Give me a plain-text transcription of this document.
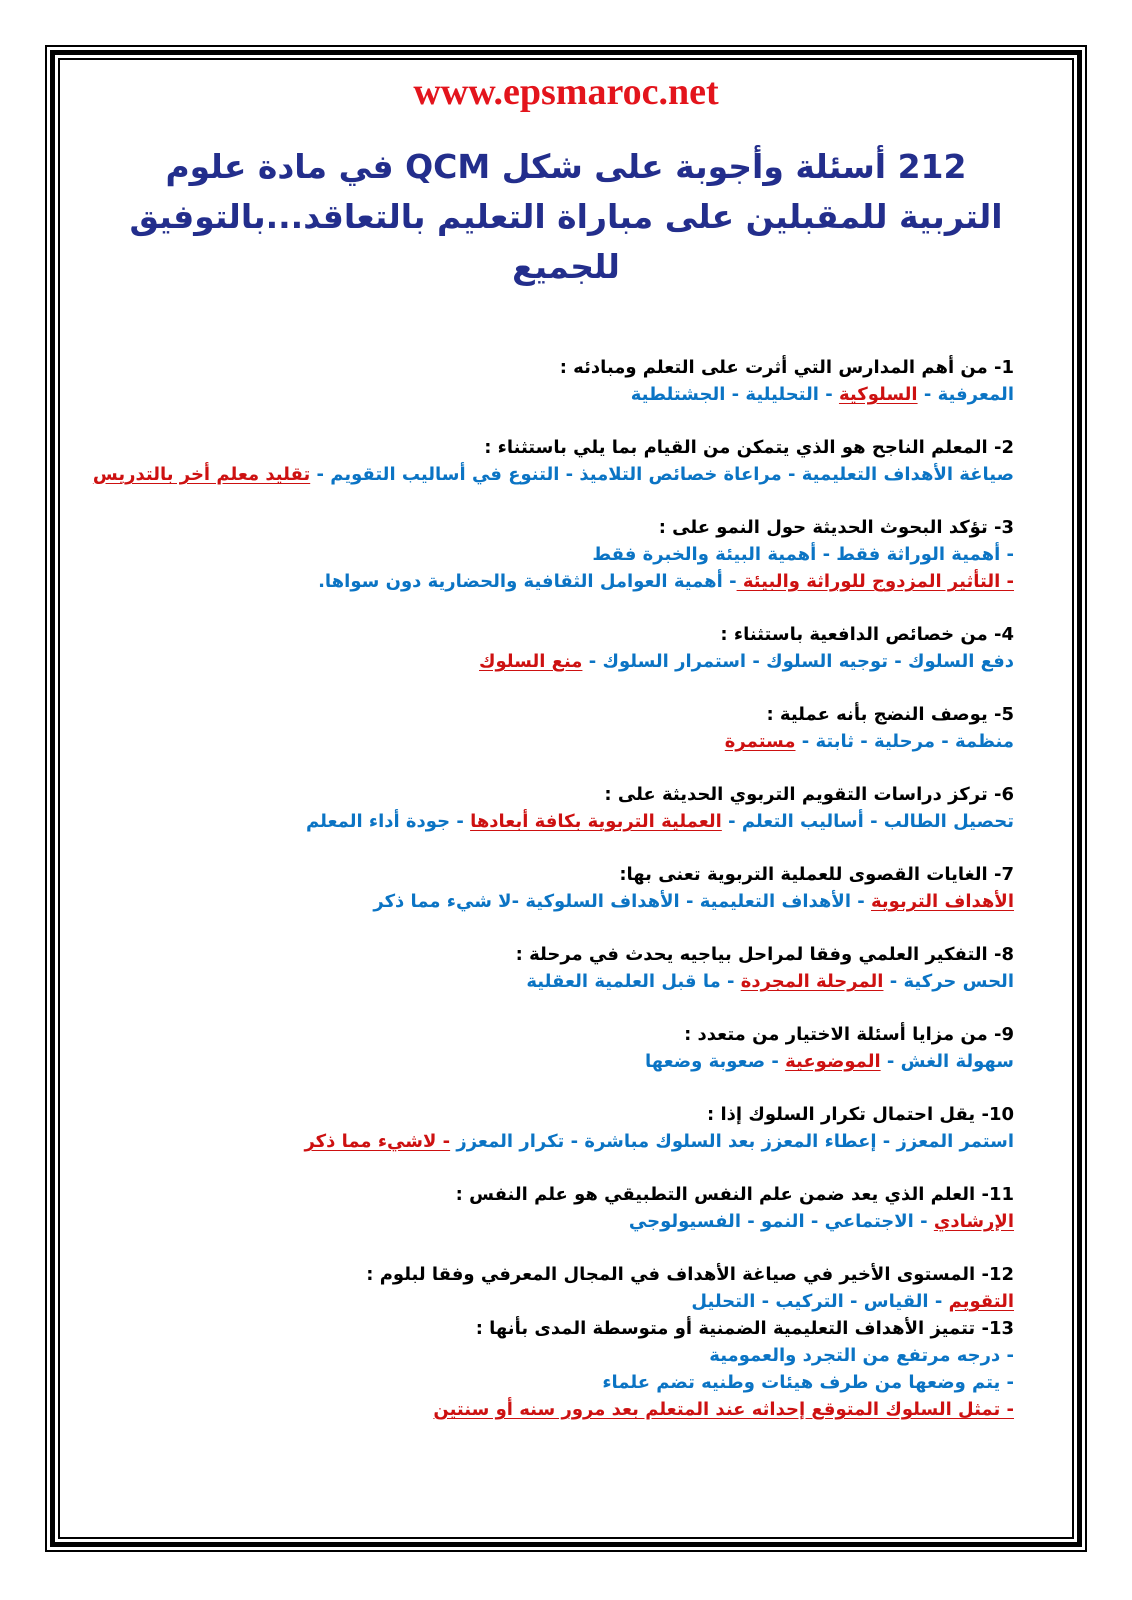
www.epsmaroc.net
212 أسئلة وأجوبة على شكل QCM في مادة علوم
التربية للمقبلين على مباراة التعليم بالتعاقد...بالتوفيق
للجميع
1- من أهم المدارس التي أثرت على التعلم ومبادئه :
المعرفية - السلوكية - التحليلية - الجشتلطية
2- المعلم الناجح هو الذي يتمكن من القيام بما يلي باستثناء :
صياغة الأهداف التعليمية - مراعاة خصائص التلاميذ - التنوع في أساليب التقويم - تقليد معلم أخر بالتدريس
3- تؤكد البحوث الحديثة حول النمو على :
- أهمية الوراثة فقط - أهمية البيئة والخبرة فقط
- التأثير المزدوج للوراثة والبيئة - أهمية العوامل الثقافية والحضارية دون سواها.
4- من خصائص الدافعية باستثناء :
دفع السلوك - توجيه السلوك - استمرار السلوك - منع السلوك
5- يوصف النضج بأنه عملية :
منظمة - مرحلية - ثابتة - مستمرة
6- تركز دراسات التقويم التربوي الحديثة على :
تحصيل الطالب - أساليب التعلم - العملية التربوية بكافة أبعادها - جودة أداء المعلم
7- الغايات القصوى للعملية التربوية تعنى بها:
الأهداف التربوية - الأهداف التعليمية - الأهداف السلوكية -لا شيء مما ذكر
8- التفكير العلمي وفقا لمراحل بياجيه يحدث في مرحلة :
الحس حركية - المرحلة المجردة - ما قبل العلمية العقلية
9- من مزايا أسئلة الاختيار من متعدد :
سهولة الغش - الموضوعية - صعوبة وضعها
10- يقل احتمال تكرار السلوك إذا :
استمر المعزز - إعطاء المعزز بعد السلوك مباشرة - تكرار المعزز - لاشيء مما ذكر
11- العلم الذي يعد ضمن علم النفس التطبيقي هو علم النفس :
الإرشادي - الاجتماعي - النمو - الفسيولوجي
12- المستوى الأخير في صياغة الأهداف في المجال المعرفي وفقا لبلوم :
التقويم - القياس - التركيب - التحليل
13- تتميز الأهداف التعليمية الضمنية أو متوسطة المدى بأنها :
- درجه مرتفع من التجرد والعمومية
- يتم وضعها من طرف هيئات وطنيه تضم علماء
- تمثل السلوك المتوقع إحداثه عند المتعلم بعد مرور سنه أو سنتين
